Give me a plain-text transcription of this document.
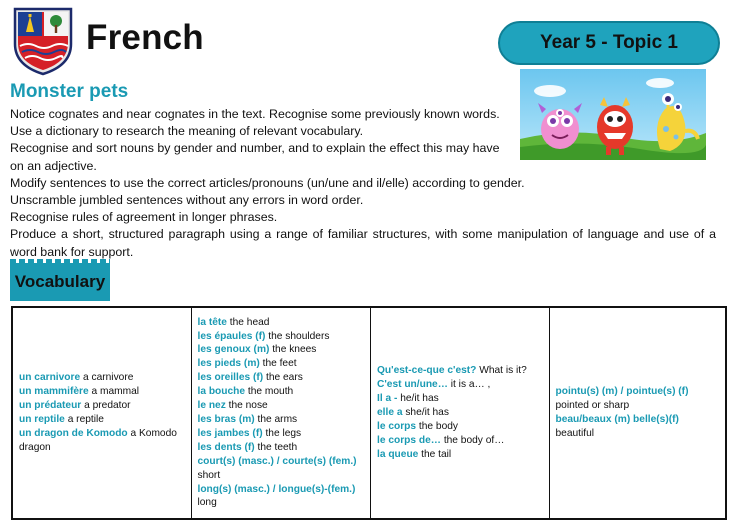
French	Year 5 - Topic 1
Monster pets
Notice cognates and near cognates in the text. Recognise some previously known words.
Use a dictionary to research the meaning of relevant vocabulary.
Recognise and sort nouns by gender and number, and to explain the effect this may have on an adjective.
Modify sentences to use the correct articles/pronouns (un/une and il/elle) according to gender.
Unscramble jumbled sentences without any errors in word order.
Recognise rules of agreement in longer phrases.
Produce a short, structured paragraph using a range of familiar structures, with some manipulation of language and use of a word bank for support.
Vocabulary
un carnivore a carnivore
un mammifère a mammal
un prédateur a predator
un reptile a reptile
un dragon de Komodo a Komodo dragon
la tête the head
les épaules (f) the shoulders
les genoux (m) the knees
les pieds (m) the feet
les oreilles (f) the ears
la bouche the mouth
le nez the nose
les bras (m) the arms
les jambes (f) the legs
les dents (f) the teeth
court(s) (masc.) / courte(s) (fem.)
short
long(s) (masc.) / longue(s)-(fem.)
long
Qu'est-ce-que c'est? What is it?
C'est un/une… it is a… ,
Il a - he/it has
elle a she/it has
le corps the body
le corps de… the body of…
la queue the tail
pointu(s) (m) / pointue(s) (f)
pointed or sharp
beau/beaux (m) belle(s)(f)
beautiful
